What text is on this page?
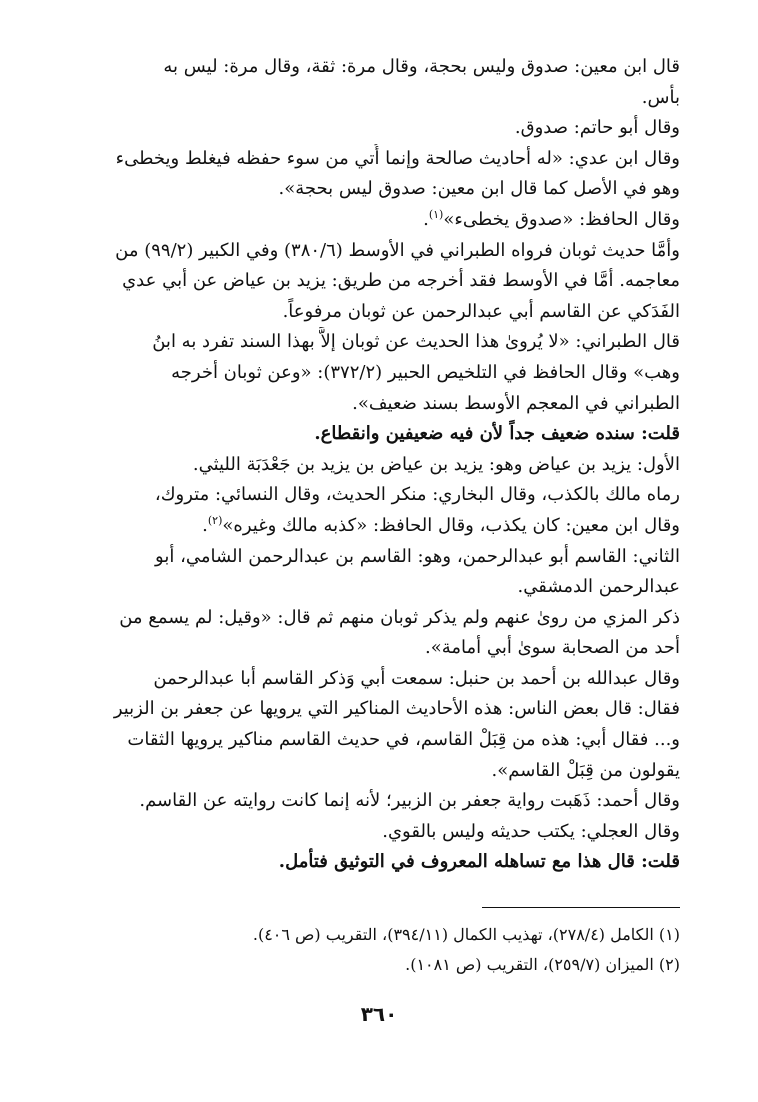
قال ابن معين: صدوق وليس بحجة، وقال مرة: ثقة، وقال مرة: ليس به

بأس.

وقال أبو حاتم: صدوق.

وقال ابن عدي: «له أحاديث صالحة وإنما أُتي من سوء حفظه فيغلط ويخطىء

وهو في الأصل كما قال ابن معين: صدوق ليس بحجة».

وقال الحافظ: «صدوق يخطىء»$^{(١)}$.

وأمَّا حديث ثوبان فرواه الطبراني في الأوسط (٣٨٠/٦) وفي الكبير (٩٩/٢) من

معاجمه. أمَّا في الأوسط فقد أخرجه من طريق: يزيد بن عياض عن أبي عدي

الفَدَكي عن القاسم أبي عبدالرحمن عن ثوبان مرفوعاً.

قال الطبراني: «لا يُروىٰ هذا الحديث عن ثوبان إلاَّ بهذا السند تفرد به ابنُ

وهب» وقال الحافظ في التلخيص الحبير (٣٧٢/٢): «وعن ثوبان أخرجه

الطبراني في المعجم الأوسط بسند ضعيف».

قلت: سنده ضعيف جداً لأن فيه ضعيفين وانقطاع.

الأول: يزيد بن عياض وهو: يزيد بن عياض بن يزيد بن جَعْدَبَة الليثي.

رماه مالك بالكذب، وقال البخاري: منكر الحديث، وقال النسائي: متروك،

وقال ابن معين: كان يكذب، وقال الحافظ: «كذبه مالك وغيره»$^{(٢)}$.

الثاني: القاسم أبو عبدالرحمن، وهو: القاسم بن عبدالرحمن الشامي، أبو

عبدالرحمن الدمشقي.

ذكر المزي من روىٰ عنهم ولم يذكر ثوبان منهم ثم قال: «وقيل: لم يسمع من

أحد من الصحابة سوىٰ أبي أمامة».

وقال عبدالله بن أحمد بن حنبل: سمعت أبي وَذكر القاسم أبا عبدالرحمن

فقال: قال بعض الناس: هذه الأحاديث المناكير التي يرويها عن جعفر بن الزبير

و... فقال أبي: هذه من قِبَلْ القاسم، في حديث القاسم مناكير يرويها الثقات

يقولون من قِبَلْ القاسم».

وقال أحمد: ذَهَبت رواية جعفر بن الزبير؛ لأنه إنما كانت روايته عن القاسم.

وقال العجلي: يكتب حديثه وليس بالقوي.

قلت: قال هذا مع تساهله المعروف في التوثيق فتأمل.

(١) الكامل (٢٧٨/٤)، تهذيب الكمال (٣٩٤/١١)، التقريب (ص ٤٠٦).

(٢) الميزان (٢٥٩/٧)، التقريب (ص ١٠٨١).

٣٦٠
